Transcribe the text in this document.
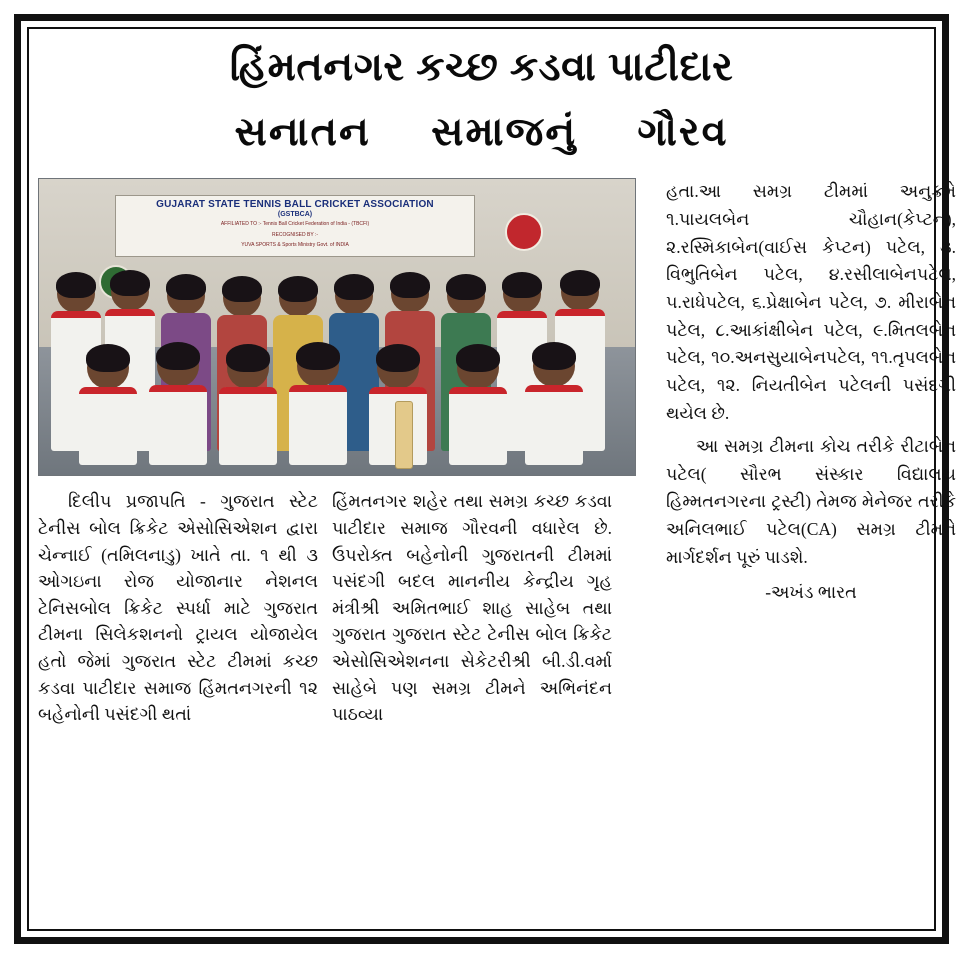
હિંમતનગર કચ્છ કડવા પાટીદાર
સનાતન સમાજનું ગૌરવ
GUJARAT STATE TENNIS BALL CRICKET ASSOCIATION
(GSTBCA)
AFFILIATED TO :- Tennis Ball Cricket Federation of India - (TBCFI)
RECOGNISED BY :-
YUVA SPORTS & Sports Ministry Govt. of INDIA

દિલીપ પ્રજાપતિ - ગુજરાત સ્ટેટ ટેનીસ બોલ ક્રિકેટ એસોસિએશન દ્વારા ચેન્નાઈ (તમિલનાડુ) ખાતે તા. ૧ થી ૩ ઓગઇના રોજ યોજાનાર નેશનલ ટેનિસબોલ ક્રિકેટ સ્પર્ધા માટે ગુજરાત ટીમના સિલેકશનનો ટ્રાયલ યોજાયેલ હતો જેમાં ગુજરાત સ્ટેટ ટીમમાં કચ્છ કડવા પાટીદાર સમાજ હિંમતનગરની ૧૨ બહેનોની પસંદગી થતાં

હિંમતનગર શહેર તથા સમગ્ર કચ્છ કડવા પાટીદાર સમાજ ગૌરવની વધારેલ છે. ઉપરોક્ત બહેનોની ગુજરાતની ટીમમાં પસંદગી બદલ માનનીય કેન્દ્રીય ગૃહ મંત્રીશ્રી અમિતભાઈ શાહ સાહેબ તથા ગુજરાત ગુજરાત સ્ટેટ ટેનીસ બોલ ક્રિકેટ એસોસિએશનના સેકેટરીશ્રી બી.ડી.વર્મા સાહેબે પણ સમગ્ર ટીમને અભિનંદન પાઠવ્યા

હતા.આ સમગ્ર ટીમમાં અનુક્રમે ૧.પાયલબેન ચૌહાન(કેપ્ટન), ૨.રસ્મિકાબેન(વાઈસ કેપ્ટન) પટેલ, ૩. વિભુતિબેન પટેલ, ૪.રસીલાબેનપટેલ, ૫.રાધેપટેલ, ૬.પ્રેક્ષાબેન પટેલ, ૭. મીરાબેન પટેલ, ૮.આકાંક્ષીબેન પટેલ, ૯.મિતલબેન પટેલ, ૧૦.અનસુયાબેનપટેલ, ૧૧.તૃપલબેન પટેલ, ૧૨. નિયતીબેન પટેલની પસંદગી થયેલ છે.

આ સમગ્ર ટીમના કોચ તરીકે રીટાબેન પટેલ( સૌરભ સંસ્કાર વિદ્યાલય હિમ્મતનગરના ટ્રસ્ટી) તેમજ મેનેજર તરીકે અનિલભાઈ પટેલ(CA) સમગ્ર ટીમને માર્ગદર્શન પૂરું પાડશે.

-અખંડ ભારત
